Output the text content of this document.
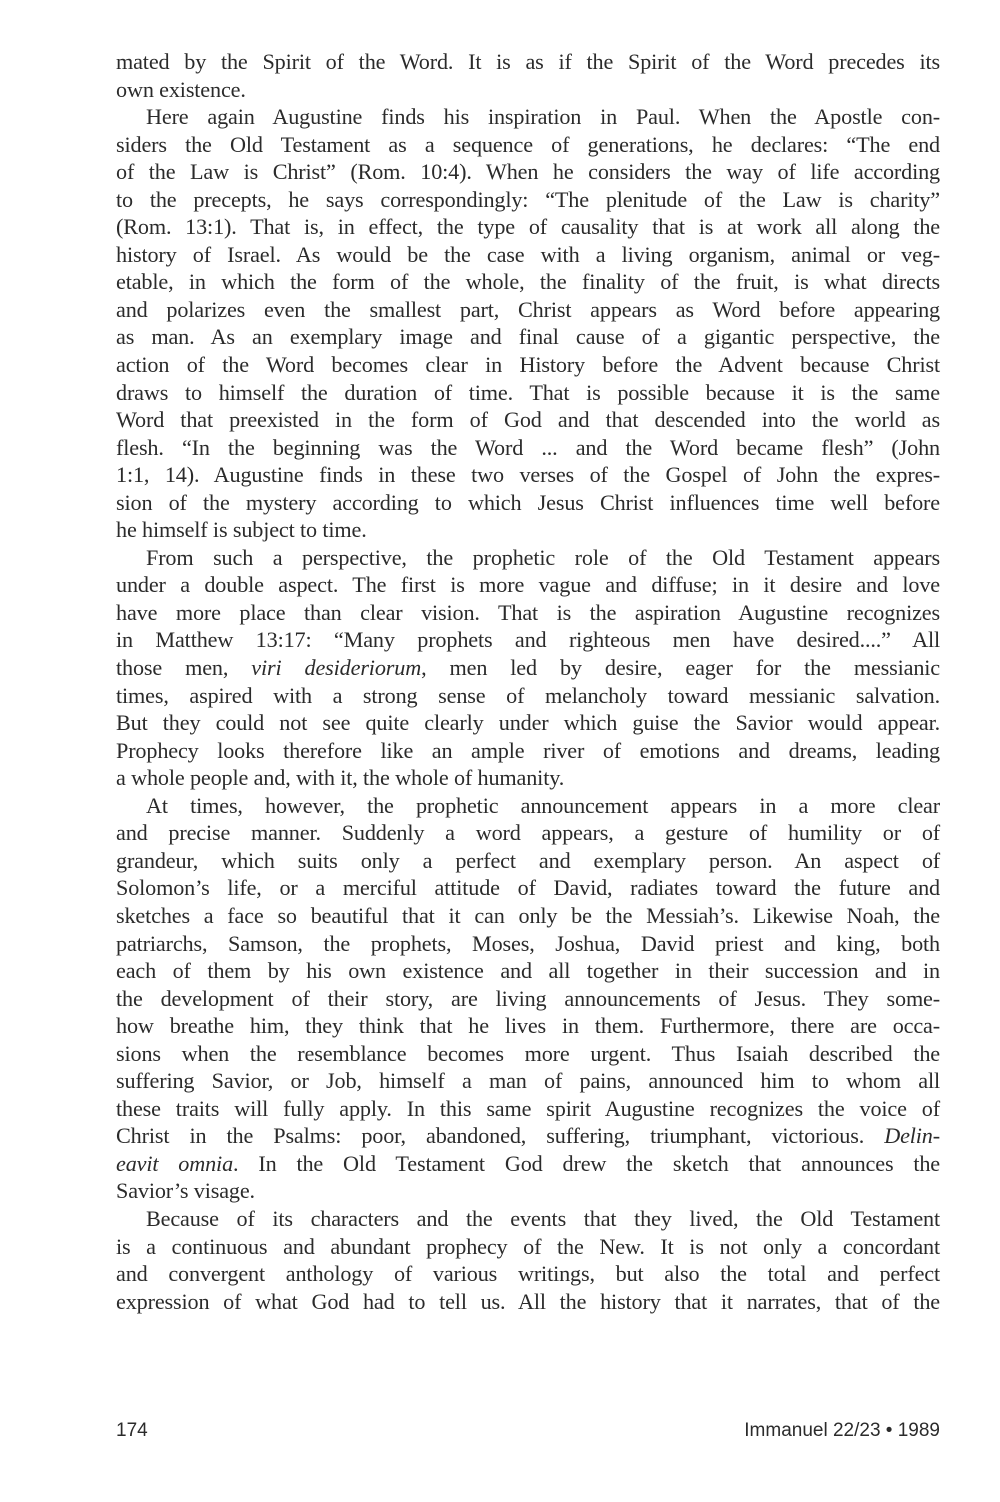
mated by the Spirit of the Word. It is as if the Spirit of the Word precedes its
own existence.
Here again Augustine finds his inspiration in Paul. When the Apostle con-
siders the Old Testament as a sequence of generations, he declares: “The end
of the Law is Christ” (Rom. 10:4). When he considers the way of life according
to the precepts, he says correspondingly: “The plenitude of the Law is charity”
(Rom. 13:1). That is, in effect, the type of causality that is at work all along the
history of Israel. As would be the case with a living organism, animal or veg-
etable, in which the form of the whole, the finality of the fruit, is what directs
and polarizes even the smallest part, Christ appears as Word before appearing
as man. As an exemplary image and final cause of a gigantic perspective, the
action of the Word becomes clear in History before the Advent because Christ
draws to himself the duration of time. That is possible because it is the same
Word that preexisted in the form of God and that descended into the world as
flesh. “In the beginning was the Word ... and the Word became flesh” (John
1:1, 14). Augustine finds in these two verses of the Gospel of John the expres-
sion of the mystery according to which Jesus Christ influences time well before
he himself is subject to time.
From such a perspective, the prophetic role of the Old Testament appears
under a double aspect. The first is more vague and diffuse; in it desire and love
have more place than clear vision. That is the aspiration Augustine recognizes
in Matthew 13:17: “Many prophets and righteous men have desired....” All
those men, viri desideriorum, men led by desire, eager for the messianic
times, aspired with a strong sense of melancholy toward messianic salvation.
But they could not see quite clearly under which guise the Savior would appear.
Prophecy looks therefore like an ample river of emotions and dreams, leading
a whole people and, with it, the whole of humanity.
At times, however, the prophetic announcement appears in a more clear
and precise manner. Suddenly a word appears, a gesture of humility or of
grandeur, which suits only a perfect and exemplary person. An aspect of
Solomon’s life, or a merciful attitude of David, radiates toward the future and
sketches a face so beautiful that it can only be the Messiah’s. Likewise Noah, the
patriarchs, Samson, the prophets, Moses, Joshua, David priest and king, both
each of them by his own existence and all together in their succession and in
the development of their story, are living announcements of Jesus. They some-
how breathe him, they think that he lives in them. Furthermore, there are occa-
sions when the resemblance becomes more urgent. Thus Isaiah described the
suffering Savior, or Job, himself a man of pains, announced him to whom all
these traits will fully apply. In this same spirit Augustine recognizes the voice of
Christ in the Psalms: poor, abandoned, suffering, triumphant, victorious. Delin-
eavit omnia. In the Old Testament God drew the sketch that announces the
Savior’s visage.
Because of its characters and the events that they lived, the Old Testament
is a continuous and abundant prophecy of the New. It is not only a concordant
and convergent anthology of various writings, but also the total and perfect
expression of what God had to tell us. All the history that it narrates, that of the
174	Immanuel 22/23 • 1989
